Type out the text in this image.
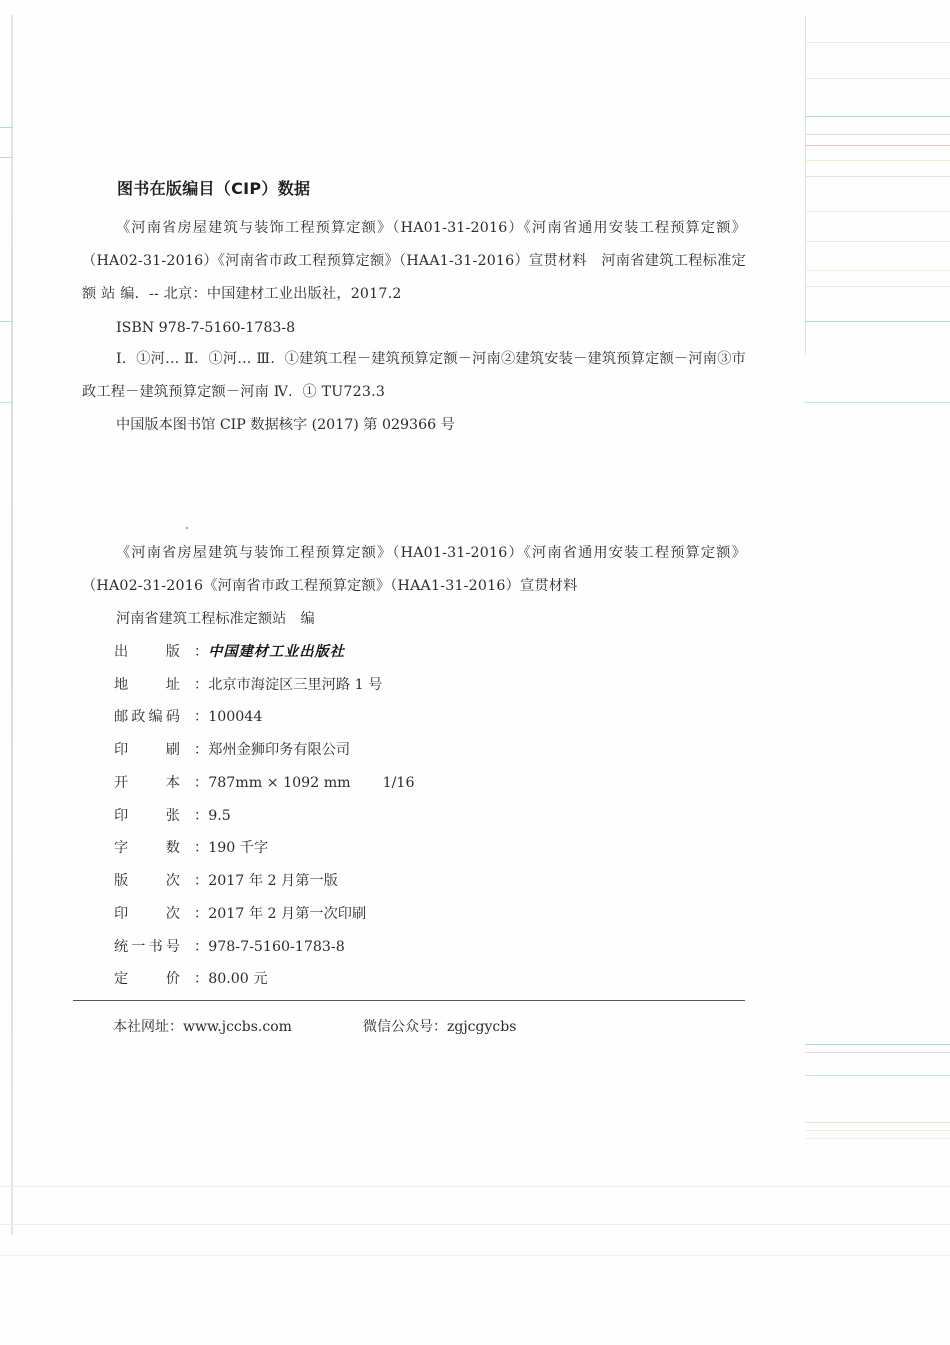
图书在版编目（CIP）数据
《河南省房屋建筑与装饰工程预算定额》（HA01-31-2016）《河南省通用安装工程预算定额》（HA02-31-2016）《河南省市政工程预算定额》（HAA1-31-2016）宣贯材料　河南省建筑工程标准定额 站 编．-- 北京：中国建材工业出版社，2017.2
ISBN 978-7-5160-1783-8
Ⅰ．①河… Ⅱ．①河… Ⅲ．①建筑工程－建筑预算定额－河南②建筑安装－建筑预算定额－河南③市政工程－建筑预算定额－河南 Ⅳ．① TU723.3
中国版本图书馆 CIP 数据核字 (2017) 第 029366 号
《河南省房屋建筑与装饰工程预算定额》（HA01-31-2016）《河南省通用安装工程预算定额》（HA02-31-2016《河南省市政工程预算定额》（HAA1-31-2016）宣贯材料
河南省建筑工程标准定额站　编
出版 ：中国建材工业出版社
地址 ：北京市海淀区三里河路 1 号
邮政编码 ：100044
印刷 ：郑州金狮印务有限公司
开本 ：787mm × 1092 mm 1/16
印张 ：9.5
字数 ：190 千字
版次 ：2017 年 2 月第一版
印次 ：2017 年 2 月第一次印刷
统一书号 ：978-7-5160-1783-8
定价 ：80.00 元
本社网址：www.jccbs.com	微信公众号：zgjcgycbs
